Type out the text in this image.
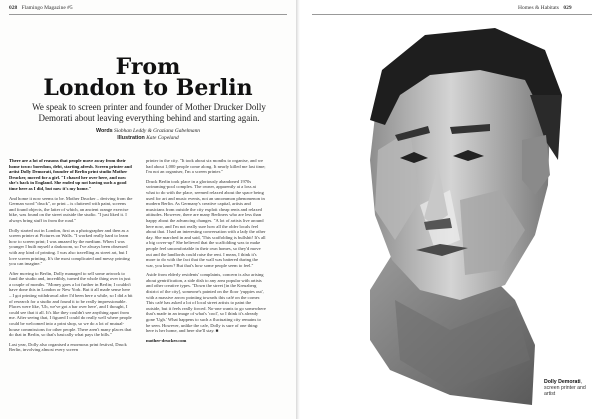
028 Flamingo Magazine #5
From
London to Berlin
We speak to screen printer and founder of Mother Drucker Dolly Demorati about leaving everything behind and starting again.
Words Siobhan Leddy & Graziana Gabelmann
Illustration Kate Copeland

There are a lot of reasons that people move away from their home town: boredom, debt, starting afresh. Screen printer and artist Dolly Demorati, founder of Berlin print studio Mother Drucker, moved for a girl. "I chased her over here, and now she's back in England. She ended up not having such a good time here as I did, but now it's my home."

And home it now seems to be. Mother Drucker – deriving from the German word "druck", or print – is cluttered with paint, screens and found objects, the latter of which, an ancient orange exercise bike, was found on the street outside the studio. "I just liked it. I always bring stuff in from the road."

Dolly started out in London, first as a photographer and then as a screen printer at Pictures on Walls. "I worked really hard to learn how to screen print; I was amazed by the medium. When I was younger I built myself a darkroom, so I've always been obsessed with any kind of printing. I was also travelling as street art, but I love screen printing. It's the most complicated and messy printing you can imagine."

After moving to Berlin, Dolly managed to sell some artwork to fund the studio and, incredibly, turned the whole thing over in just a couple of months. "Money goes a lot further in Berlin; I couldn't have done this in London or New York. But it all made sense here – I got printing withdrawal after I'd been here a while, so I did a bit of research for a studio and found it to be really impressionable. Places were like, 'Uh, we've got a bar over here', and I thought, I could see that it all. It's like they couldn't see anything apart from me. After seeing that, I figured I could do really well where people could be welcomed into a print shop, so we do a lot of mutual-house commissions for other people. There aren't many places that do that in Berlin, so that's basically what pays the bills."

Last year, Dolly also organised a enormous print festival, Druck Berlin, involving almost every screen

printer in the city. "It took about six months to organise, and we had about 1,000 people come along. It nearly killed me last time; I'm not an organiser, I'm a screen printer."

Druck Berlin took place in a gloriously abandoned 1970s swimming-pool complex. The owner, apparently at a loss at what to do with the place, seemed relaxed about the space being used for art and music events, not an uncommon phenomenon in modern Berlin. As Germany's creative capital, artists and musicians from outside the city exploit cheap rents and relaxed attitudes. However, there are many Berliners who are less than happy about the advancing changes. "A lot of artists live around here now, and I'm not really sure how all the older locals feel about that. I had an interesting conversation with a lady the other day. She marched in and said, 'This scaffolding is bullshit! It's all a big cover-up!' She believed that the scaffolding was to make people feel uncomfortable in their own homes, so they'd move out and the landlords could raise the rent. I mean, I think it's more to do with the fact that the wall was battered during the war, you know? But that's how some people seem to feel."

Aside from elderly residents' complaints, concern is also arising about gentrification, a side dish to any area popular with artists and other creative types. "Down the street [in the Kreuzberg district of the city], someone's painted on the floor 'yuppies out', with a massive arrow pointing towards this café on the corner. This café has asked a lot of local street artists to paint the outside, but it feels really forced. No-one wants to go somewhere that's made in an image of what's 'cool', so I think it's already gone 'Ugh.' What happens to such a fluctuating city remains to be seen. However, unlike the cafe, Dolly is sure of one thing: here is her home, and here she'll stay. ■

mother-drucker.com

Homes & Habitats 029
Dolly Demorati, screen printer and artist
